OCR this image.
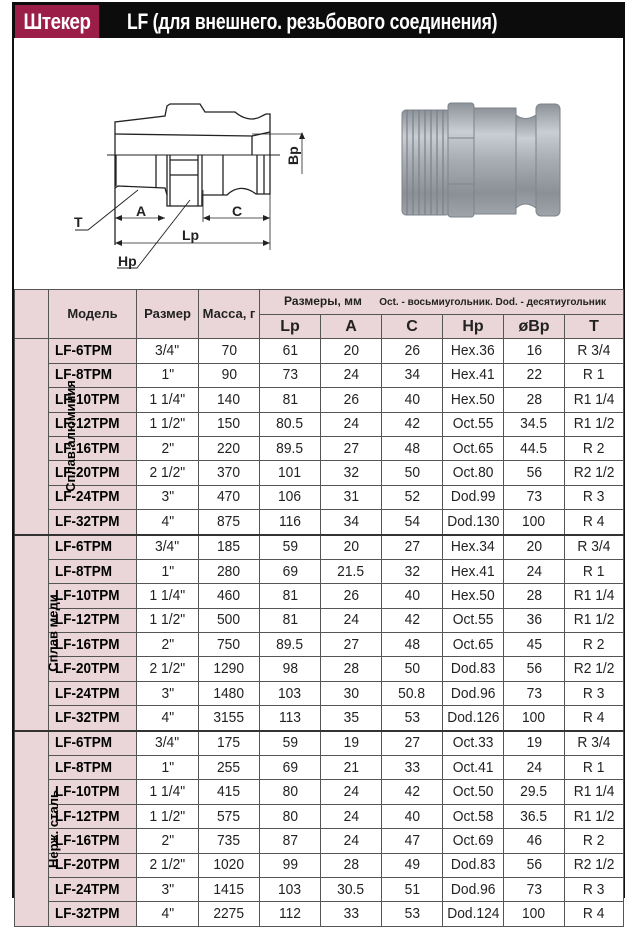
Штекер	LF (для внешнего. резьбового соединения)
T
A	C
Lp
Hp
Bp
	Модель	Размер	Масса, г	Размеры, мм Oct. - восьмиугольник. Dod. - десятиугольник					
				Lp	A	C	Hp	øBp	T
Сплав алюминия	LF-6TPM	3/4"	70	61	20	26	Hex.36	16	R 3/4
	LF-8TPM	1"	90	73	24	34	Hex.41	22	R 1
	LF-10TPM	1 1/4"	140	81	26	40	Hex.50	28	R1 1/4
	LF-12TPM	1 1/2"	150	80.5	24	42	Oct.55	34.5	R1 1/2
	LF-16TPM	2"	220	89.5	27	48	Oct.65	44.5	R 2
	LF-20TPM	2 1/2"	370	101	32	50	Oct.80	56	R2 1/2
	LF-24TPM	3"	470	106	31	52	Dod.99	73	R 3
	LF-32TPM	4"	875	116	34	54	Dod.130	100	R 4
Сплав меди	LF-6TPM	3/4"	185	59	20	27	Hex.34	20	R 3/4
	LF-8TPM	1"	280	69	21.5	32	Hex.41	24	R 1
	LF-10TPM	1 1/4"	460	81	26	40	Hex.50	28	R1 1/4
	LF-12TPM	1 1/2"	500	81	24	42	Oct.55	36	R1 1/2
	LF-16TPM	2"	750	89.5	27	48	Oct.65	45	R 2
	LF-20TPM	2 1/2"	1290	98	28	50	Dod.83	56	R2 1/2
	LF-24TPM	3"	1480	103	30	50.8	Dod.96	73	R 3
	LF-32TPM	4"	3155	113	35	53	Dod.126	100	R 4
Нерж. сталь	LF-6TPM	3/4"	175	59	19	27	Oct.33	19	R 3/4
	LF-8TPM	1"	255	69	21	33	Oct.41	24	R 1
	LF-10TPM	1 1/4"	415	80	24	42	Oct.50	29.5	R1 1/4
	LF-12TPM	1 1/2"	575	80	24	40	Oct.58	36.5	R1 1/2
	LF-16TPM	2"	735	87	24	47	Oct.69	46	R 2
	LF-20TPM	2 1/2"	1020	99	28	49	Dod.83	56	R2 1/2
	LF-24TPM	3"	1415	103	30.5	51	Dod.96	73	R 3
	LF-32TPM	4"	2275	112	33	53	Dod.124	100	R 4
